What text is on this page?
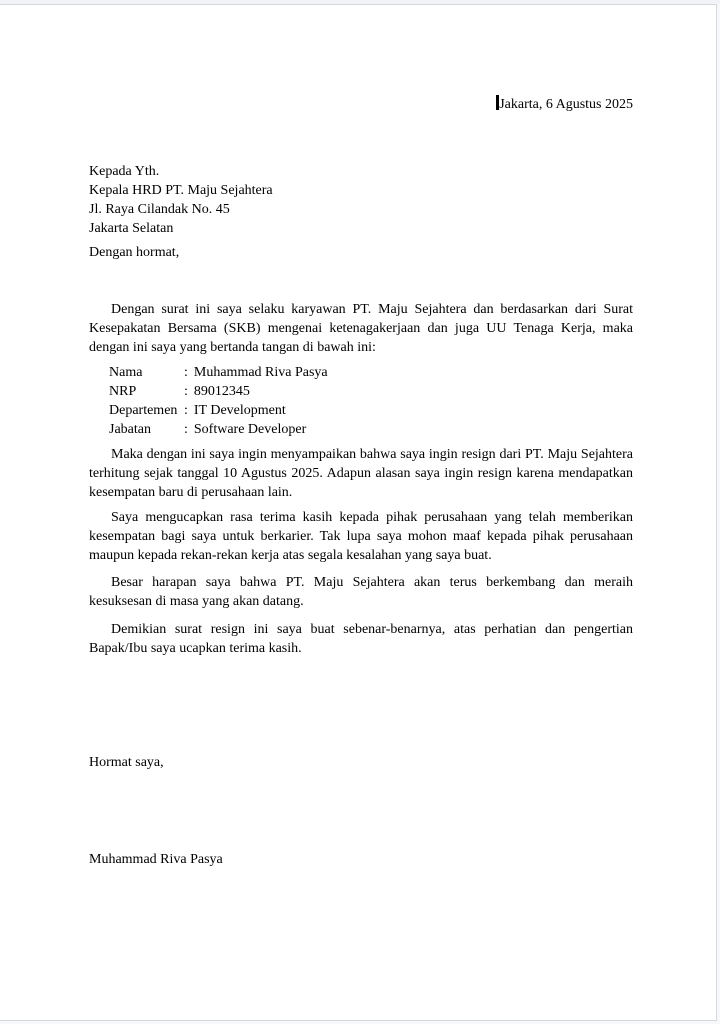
Jakarta, 6 Agustus 2025
Kepada Yth.
Kepala HRD PT. Maju Sejahtera
Jl. Raya Cilandak No. 45
Jakarta Selatan
Dengan hormat,

Dengan surat ini saya selaku karyawan PT. Maju Sejahtera dan berdasarkan dari Surat Kesepakatan Bersama (SKB) mengenai ketenagakerjaan dan juga UU Tenaga Kerja, maka dengan ini saya yang bertanda tangan di bawah ini:

Nama	: Muhammad Riva Pasya
NRP	: 89012345
Departemen : IT Development
Jabatan	: Software Developer

Maka dengan ini saya ingin menyampaikan bahwa saya ingin resign dari PT. Maju Sejahtera terhitung sejak tanggal 10 Agustus 2025. Adapun alasan saya ingin resign karena mendapatkan kesempatan baru di perusahaan lain.

Saya mengucapkan rasa terima kasih kepada pihak perusahaan yang telah memberikan kesempatan bagi saya untuk berkarier. Tak lupa saya mohon maaf kepada pihak perusahaan maupun kepada rekan-rekan kerja atas segala kesalahan yang saya buat.

Besar harapan saya bahwa PT. Maju Sejahtera akan terus berkembang dan meraih kesuksesan di masa yang akan datang.

Demikian surat resign ini saya buat sebenar-benarnya, atas perhatian dan pengertian Bapak/Ibu saya ucapkan terima kasih.

Hormat saya,
Muhammad Riva Pasya
